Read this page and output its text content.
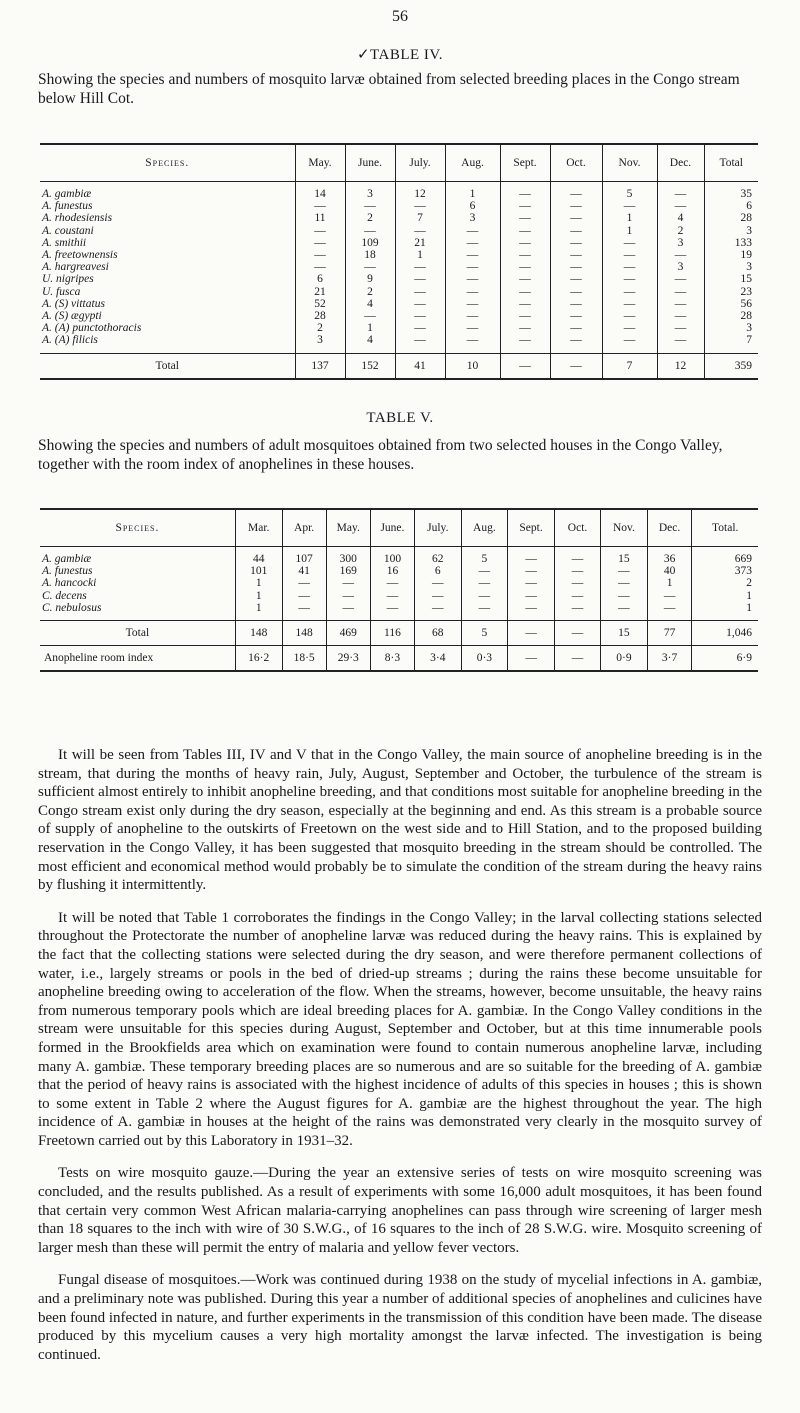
56
✓TABLE IV.
Showing the species and numbers of mosquito larvæ obtained from selected breeding places in the Congo stream below Hill Cot.
Species.	May.	June.	July.	Aug.	Sept.	Oct.	Nov.	Dec.	Total

A. gambiæ	14	3	12	1	—	—	5	—	35
A. funestus	—	—	—	6	—	—	—	—	6
A. rhodesiensis	11	2	7	3	—	—	1	4	28
A. coustani	—	—	—	—	—	—	1	2	3
A. smithii	—	109	21	—	—	—	—	3	133
A. freetownensis	—	18	1	—	—	—	—	—	19
A. hargreavesi	—	—	—	—	—	—	—	3	3
U. nigripes	6	9	—	—	—	—	—	—	15
U. fusca	21	2	—	—	—	—	—	—	23
A. (S) vittatus	52	4	—	—	—	—	—	—	56
A. (S) ægypti	28	—	—	—	—	—	—	—	28
A. (A) punctothoracis	2	1	—	—	—	—	—	—	3
A. (A) filicis	3	4	—	—	—	—	—	—	7

Total	137	152	41	10	—	—	7	12	359
TABLE V.
Showing the species and numbers of adult mosquitoes obtained from two selected houses in the Congo Valley, together with the room index of anophelines in these houses.
Species.	Mar.	Apr.	May.	June.	July.	Aug.	Sept.	Oct.	Nov.	Dec.	Total.

A. gambiæ	44	107	300	100	62	5	—	—	15	36	669
A. funestus	101	41	169	16	6	—	—	—	—	40	373
A. hancocki	1	—	—	—	—	—	—	—	—	1	2
C. decens	1	—	—	—	—	—	—	—	—	—	1
C. nebulosus	1	—	—	—	—	—	—	—	—	—	1

Total	148	148	469	116	68	5	—	—	15	77	1,046
Anopheline room index	16·2	18·5	29·3	8·3	3·4	0·3	—	—	0·9	3·7	6·9

It will be seen from Tables III, IV and V that in the Congo Valley, the main source of anopheline breeding is in the stream, that during the months of heavy rain, July, August, September and October, the turbulence of the stream is sufficient almost entirely to inhibit anopheline breeding, and that conditions most suitable for anopheline breeding in the Congo stream exist only during the dry season, especially at the beginning and end. As this stream is a probable source of supply of anopheline to the outskirts of Freetown on the west side and to Hill Station, and to the proposed building reservation in the Congo Valley, it has been suggested that mosquito breeding in the stream should be controlled. The most efficient and economical method would probably be to simulate the condition of the stream during the heavy rains by flushing it intermittently.

It will be noted that Table 1 corroborates the findings in the Congo Valley; in the larval collecting stations selected throughout the Protectorate the number of anopheline larvæ was reduced during the heavy rains. This is explained by the fact that the collecting stations were selected during the dry season, and were therefore permanent collections of water, i.e., largely streams or pools in the bed of dried-up streams ; during the rains these become unsuitable for anopheline breeding owing to acceleration of the flow. When the streams, however, become unsuitable, the heavy rains from numerous temporary pools which are ideal breeding places for A. gambiæ. In the Congo Valley conditions in the stream were unsuitable for this species during August, September and October, but at this time innumerable pools formed in the Brookfields area which on examination were found to contain numerous anopheline larvæ, including many A. gambiæ. These temporary breeding places are so numerous and are so suitable for the breeding of A. gambiæ that the period of heavy rains is associated with the highest incidence of adults of this species in houses ; this is shown to some extent in Table 2 where the August figures for A. gambiæ are the highest throughout the year. The high incidence of A. gambiæ in houses at the height of the rains was demonstrated very clearly in the mosquito survey of Freetown carried out by this Laboratory in 1931–32.

Tests on wire mosquito gauze.—During the year an extensive series of tests on wire mosquito screening was concluded, and the results published. As a result of experiments with some 16,000 adult mosquitoes, it has been found that certain very common West African malaria-carrying anophelines can pass through wire screening of larger mesh than 18 squares to the inch with wire of 30 S.W.G., of 16 squares to the inch of 28 S.W.G. wire. Mosquito screening of larger mesh than these will permit the entry of malaria and yellow fever vectors.

Fungal disease of mosquitoes.—Work was continued during 1938 on the study of mycelial infections in A. gambiæ, and a preliminary note was published. During this year a number of additional species of anophelines and culicines have been found infected in nature, and further experiments in the transmission of this condition have been made. The disease produced by this mycelium causes a very high mortality amongst the larvæ infected. The investigation is being continued.
